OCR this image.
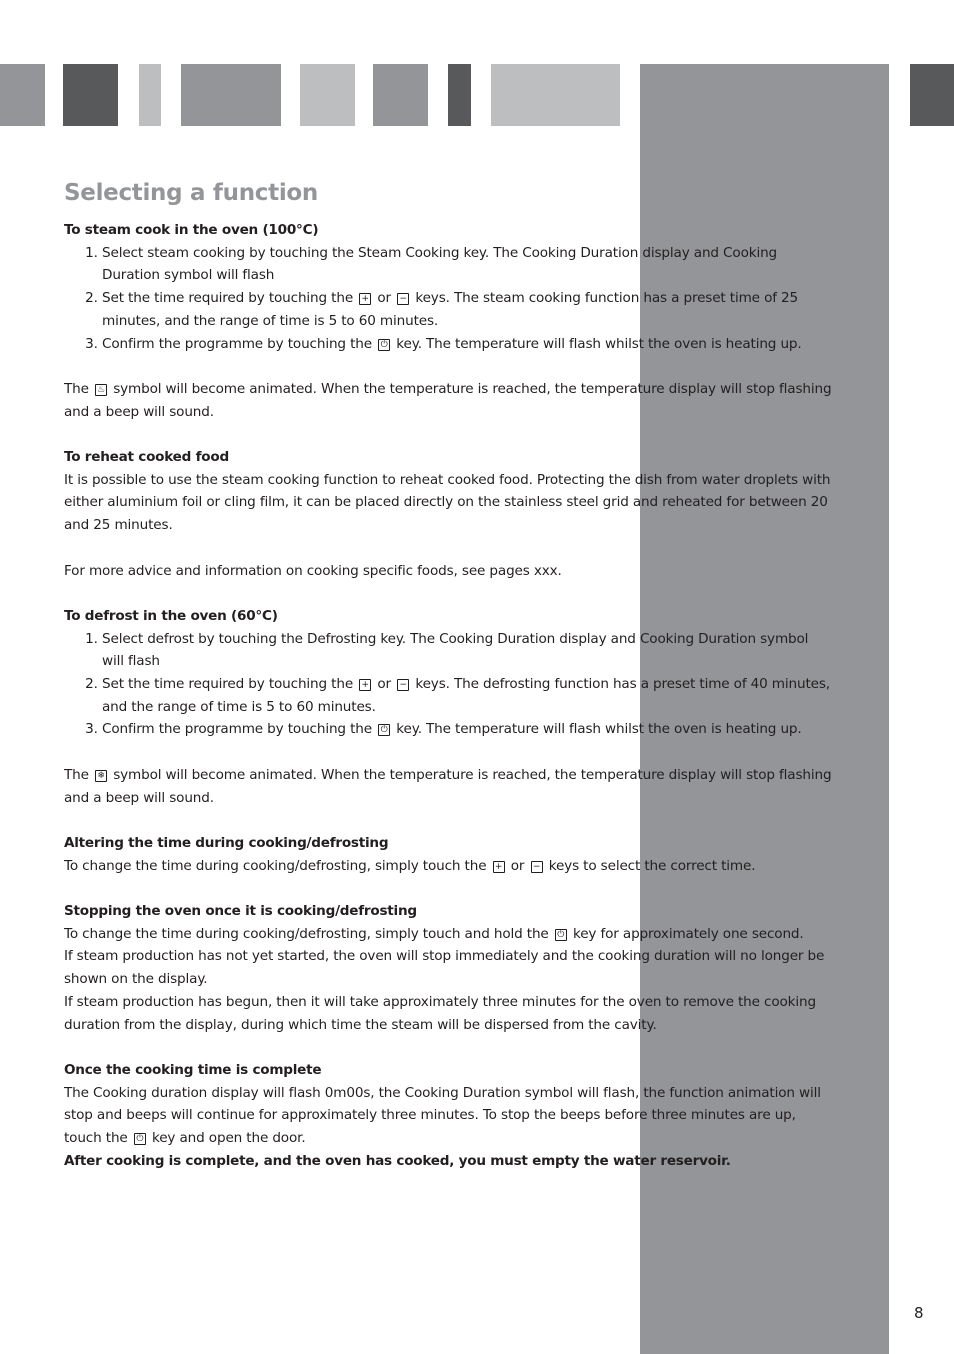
Selecting a function

To steam cook in the oven (100°C)

1. Select steam cooking by touching the Steam Cooking key. The Cooking Duration display and Cooking Duration symbol will flash
2. Set the time required by touching the + or − keys. The steam cooking function has a preset time of 25 minutes, and the range of time is 5 to 60 minutes.
3. Confirm the programme by touching the ⏻ key. The temperature will flash whilst the oven is heating up.

The ♨ symbol will become animated. When the temperature is reached, the temperature display will stop flashing and a beep will sound.

To reheat cooked food

It is possible to use the steam cooking function to reheat cooked food. Protecting the dish from water droplets with either aluminium foil or cling film, it can be placed directly on the stainless steel grid and reheated for between 20 and 25 minutes.

For more advice and information on cooking specific foods, see pages xxx.

To defrost in the oven (60°C)

1. Select defrost by touching the Defrosting key. The Cooking Duration display and Cooking Duration symbol will flash
2. Set the time required by touching the + or − keys. The defrosting function has a preset time of 40 minutes, and the range of time is 5 to 60 minutes.
3. Confirm the programme by touching the ⏻ key. The temperature will flash whilst the oven is heating up.

The ❄ symbol will become animated. When the temperature is reached, the temperature display will stop flashing and a beep will sound.

Altering the time during cooking/defrosting

To change the time during cooking/defrosting, simply touch the + or − keys to select the correct time.

Stopping the oven once it is cooking/defrosting

To change the time during cooking/defrosting, simply touch and hold the ⏻ key for approximately one second.

If steam production has not yet started, the oven will stop immediately and the cooking duration will no longer be shown on the display.

If steam production has begun, then it will take approximately three minutes for the oven to remove the cooking duration from the display, during which time the steam will be dispersed from the cavity.

Once the cooking time is complete

The Cooking duration display will flash 0m00s, the Cooking Duration symbol will flash, the function animation will stop and beeps will continue for approximately three minutes. To stop the beeps before three minutes are up, touch the ⏻ key and open the door.

After cooking is complete, and the oven has cooked, you must empty the water reservoir.

8
